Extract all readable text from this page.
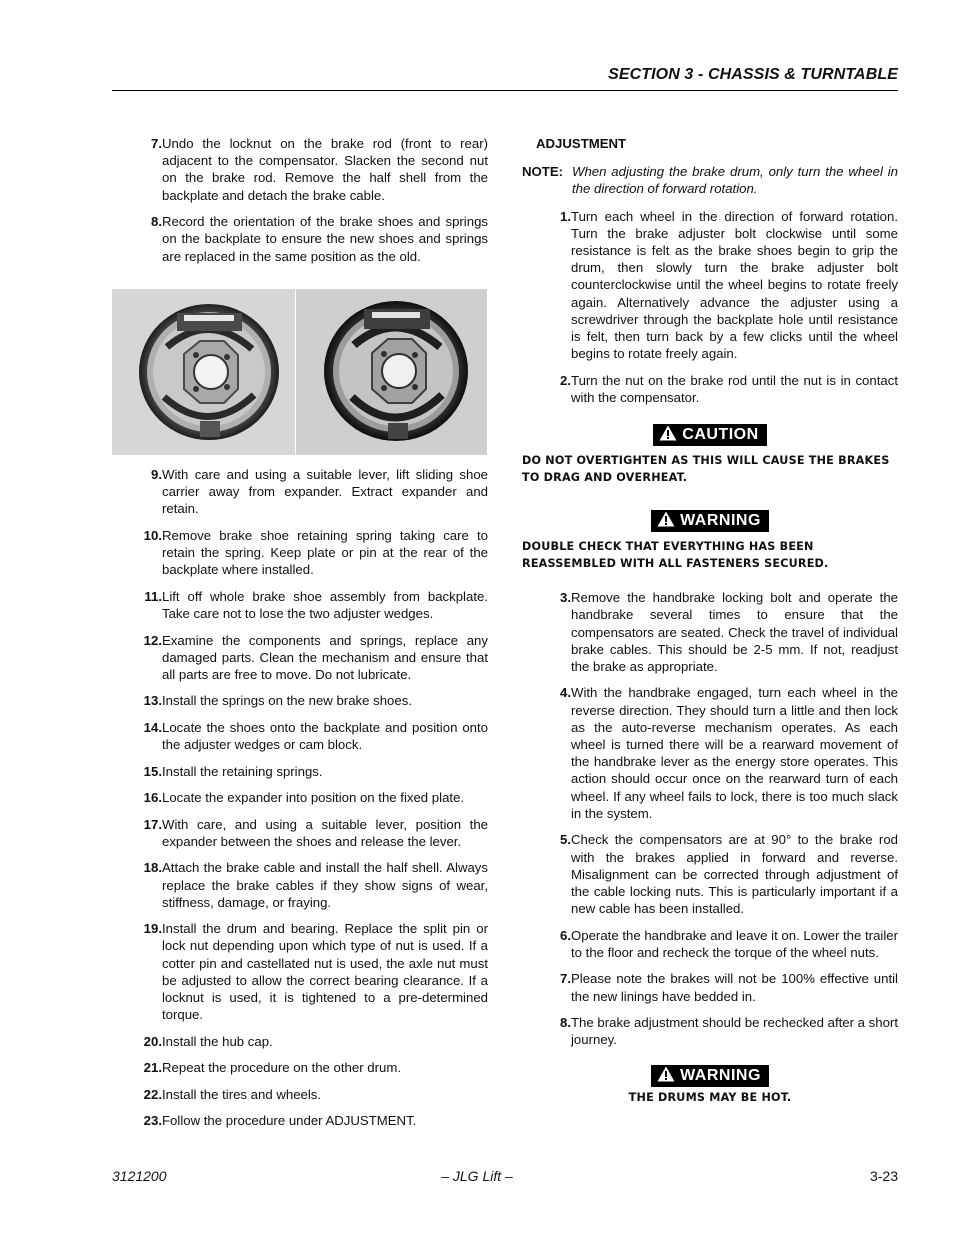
SECTION 3 - CHASSIS & TURNTABLE
7. Undo the locknut on the brake rod (front to rear) adjacent to the compensator. Slacken the second nut on the brake rod. Remove the half shell from the backplate and detach the brake cable.
8. Record the orientation of the brake shoes and springs on the backplate to ensure the new shoes and springs are replaced in the same position as the old.
9. With care and using a suitable lever, lift sliding shoe carrier away from expander. Extract expander and retain.
10. Remove brake shoe retaining spring taking care to retain the spring. Keep plate or pin at the rear of the backplate where installed.
11. Lift off whole brake shoe assembly from backplate. Take care not to lose the two adjuster wedges.
12. Examine the components and springs, replace any damaged parts. Clean the mechanism and ensure that all parts are free to move. Do not lubricate.
13. Install the springs on the new brake shoes.
14. Locate the shoes onto the backplate and position onto the adjuster wedges or cam block.
15. Install the retaining springs.
16. Locate the expander into position on the fixed plate.
17. With care, and using a suitable lever, position the expander between the shoes and release the lever.
18. Attach the brake cable and install the half shell. Always replace the brake cables if they show signs of wear, stiffness, damage, or fraying.
19. Install the drum and bearing. Replace the split pin or lock nut depending upon which type of nut is used. If a cotter pin and castellated nut is used, the axle nut must be adjusted to allow the correct bearing clearance. If a locknut is used, it is tightened to a pre-determined torque.
20. Install the hub cap.
21. Repeat the procedure on the other drum.
22. Install the tires and wheels.
23. Follow the procedure under ADJUSTMENT.
ADJUSTMENT
NOTE: When adjusting the brake drum, only turn the wheel in the direction of forward rotation.
1. Turn each wheel in the direction of forward rotation. Turn the brake adjuster bolt clockwise until some resistance is felt as the brake shoes begin to grip the drum, then slowly turn the brake adjuster bolt counterclockwise until the wheel begins to rotate freely again. Alternatively advance the adjuster using a screwdriver through the backplate hole until resistance is felt, then turn back by a few clicks until the wheel begins to rotate freely again.
2. Turn the nut on the brake rod until the nut is in contact with the compensator.
CAUTION
DO NOT OVERTIGHTEN AS THIS WILL CAUSE THE BRAKES TO DRAG AND OVERHEAT.
WARNING
DOUBLE CHECK THAT EVERYTHING HAS BEEN REASSEMBLED WITH ALL FASTENERS SECURED.
3. Remove the handbrake locking bolt and operate the handbrake several times to ensure that the compensators are seated. Check the travel of individual brake cables. This should be 2-5 mm. If not, readjust the brake as appropriate.
4. With the handbrake engaged, turn each wheel in the reverse direction. They should turn a little and then lock as the auto-reverse mechanism operates. As each wheel is turned there will be a rearward movement of the handbrake lever as the energy store operates. This action should occur once on the rearward turn of each wheel. If any wheel fails to lock, there is too much slack in the system.
5. Check the compensators are at 90° to the brake rod with the brakes applied in forward and reverse. Misalignment can be corrected through adjustment of the cable locking nuts. This is particularly important if a new cable has been installed.
6. Operate the handbrake and leave it on. Lower the trailer to the floor and recheck the torque of the wheel nuts.
7. Please note the brakes will not be 100% effective until the new linings have bedded in.
8. The brake adjustment should be rechecked after a short journey.
WARNING
THE DRUMS MAY BE HOT.
3121200	– JLG Lift –	3-23
